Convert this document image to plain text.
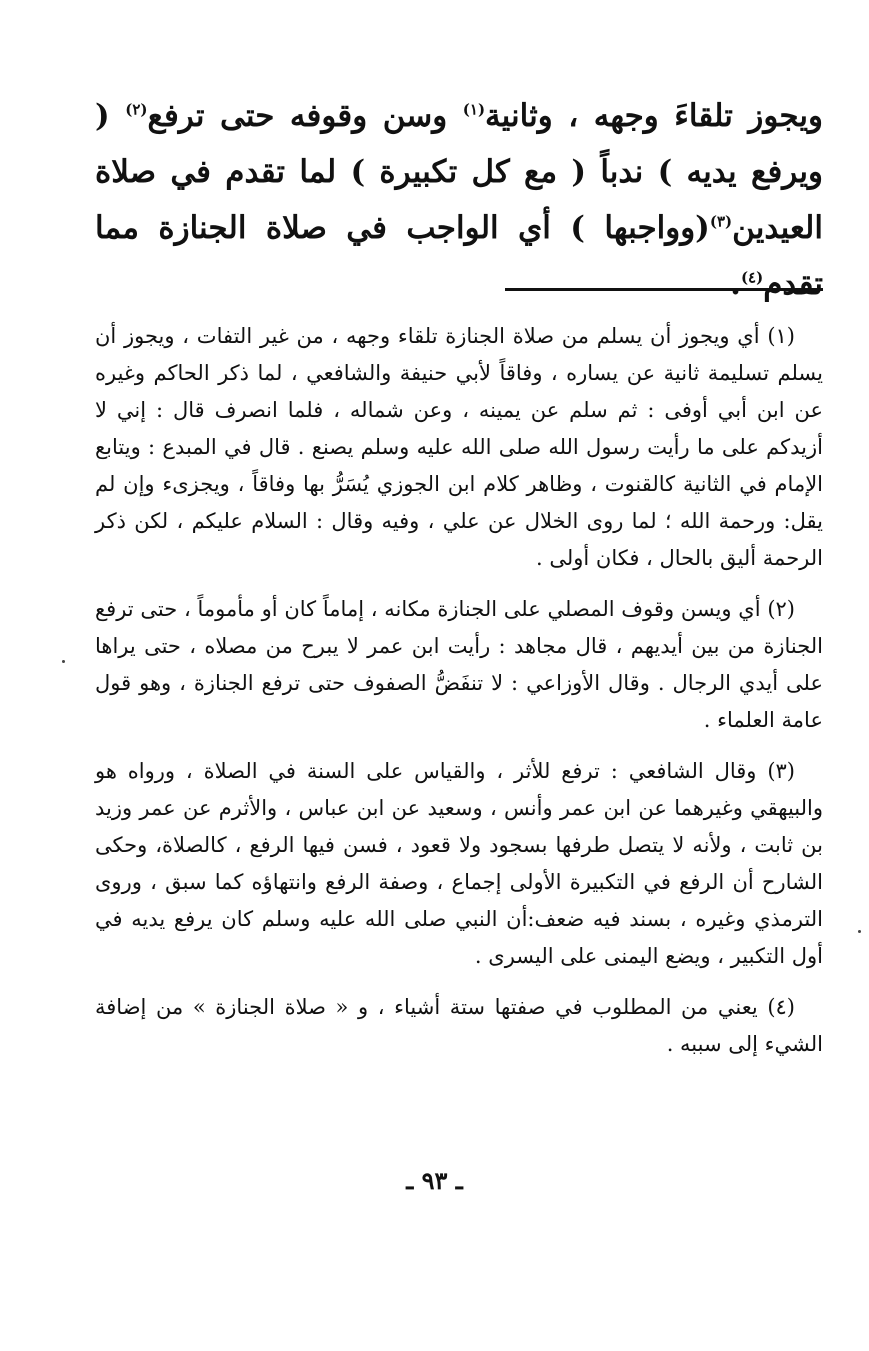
ويجوز تلقاءَ وجهه ، وثانية$^{(١)}$ وسن وقوفه حتى ترفع$^{(٢)}$ ( ويرفع يديه ) ندباً ( مع كل تكبيرة ) لما تقدم في صلاة العيدين$^{(٣)}$(وواجبها ) أي الواجب في صلاة الجنازة مما تقدم$^{(٤)}$.

(١) أي ويجوز أن يسلم من صلاة الجنازة تلقاء وجهه ، من غير التفات ، ويجوز أن يسلم تسليمة ثانية عن يساره ، وفاقاً لأبي حنيفة والشافعي ، لما ذكر الحاكم وغيره عن ابن أبي أوفى : ثم سلم عن يمينه ، وعن شماله ، فلما انصرف قال : إني لا أزيدكم على ما رأيت رسول الله صلى الله عليه وسلم يصنع . قال في المبدع : ويتابع الإمام في الثانية كالقنوت ، وظاهر كلام ابن الجوزي يُسَرُّ بها وفاقاً ، ويجزىء وإن لم يقل: ورحمة الله ؛ لما روى الخلال عن علي ، وفيه وقال : السلام عليكم ، لكن ذكر الرحمة أليق بالحال ، فكان أولى .

(٢) أي ويسن وقوف المصلي على الجنازة مكانه ، إماماً كان أو مأموماً ، حتى ترفع الجنازة من بين أيديهم ، قال مجاهد : رأيت ابن عمر لا يبرح من مصلاه ، حتى يراها على أيدي الرجال . وقال الأوزاعي : لا تنفَضُّ الصفوف حتى ترفع الجنازة ، وهو قول عامة العلماء .

(٣) وقال الشافعي : ترفع للأثر ، والقياس على السنة في الصلاة ، ورواه هو والبيهقي وغيرهما عن ابن عمر وأنس ، وسعيد عن ابن عباس ، والأثرم عن عمر وزيد بن ثابت ، ولأنه لا يتصل طرفها بسجود ولا قعود ، فسن فيها الرفع ، كالصلاة، وحكى الشارح أن الرفع في التكبيرة الأولى إجماع ، وصفة الرفع وانتهاؤه كما سبق ، وروى الترمذي وغيره ، بسند فيه ضعف:أن النبي صلى الله عليه وسلم كان يرفع يديه في أول التكبير ، ويضع اليمنى على اليسرى .

(٤) يعني من المطلوب في صفتها ستة أشياء ، و « صلاة الجنازة » من إضافة الشيء إلى سببه .

ـ ٩٣ ـ
